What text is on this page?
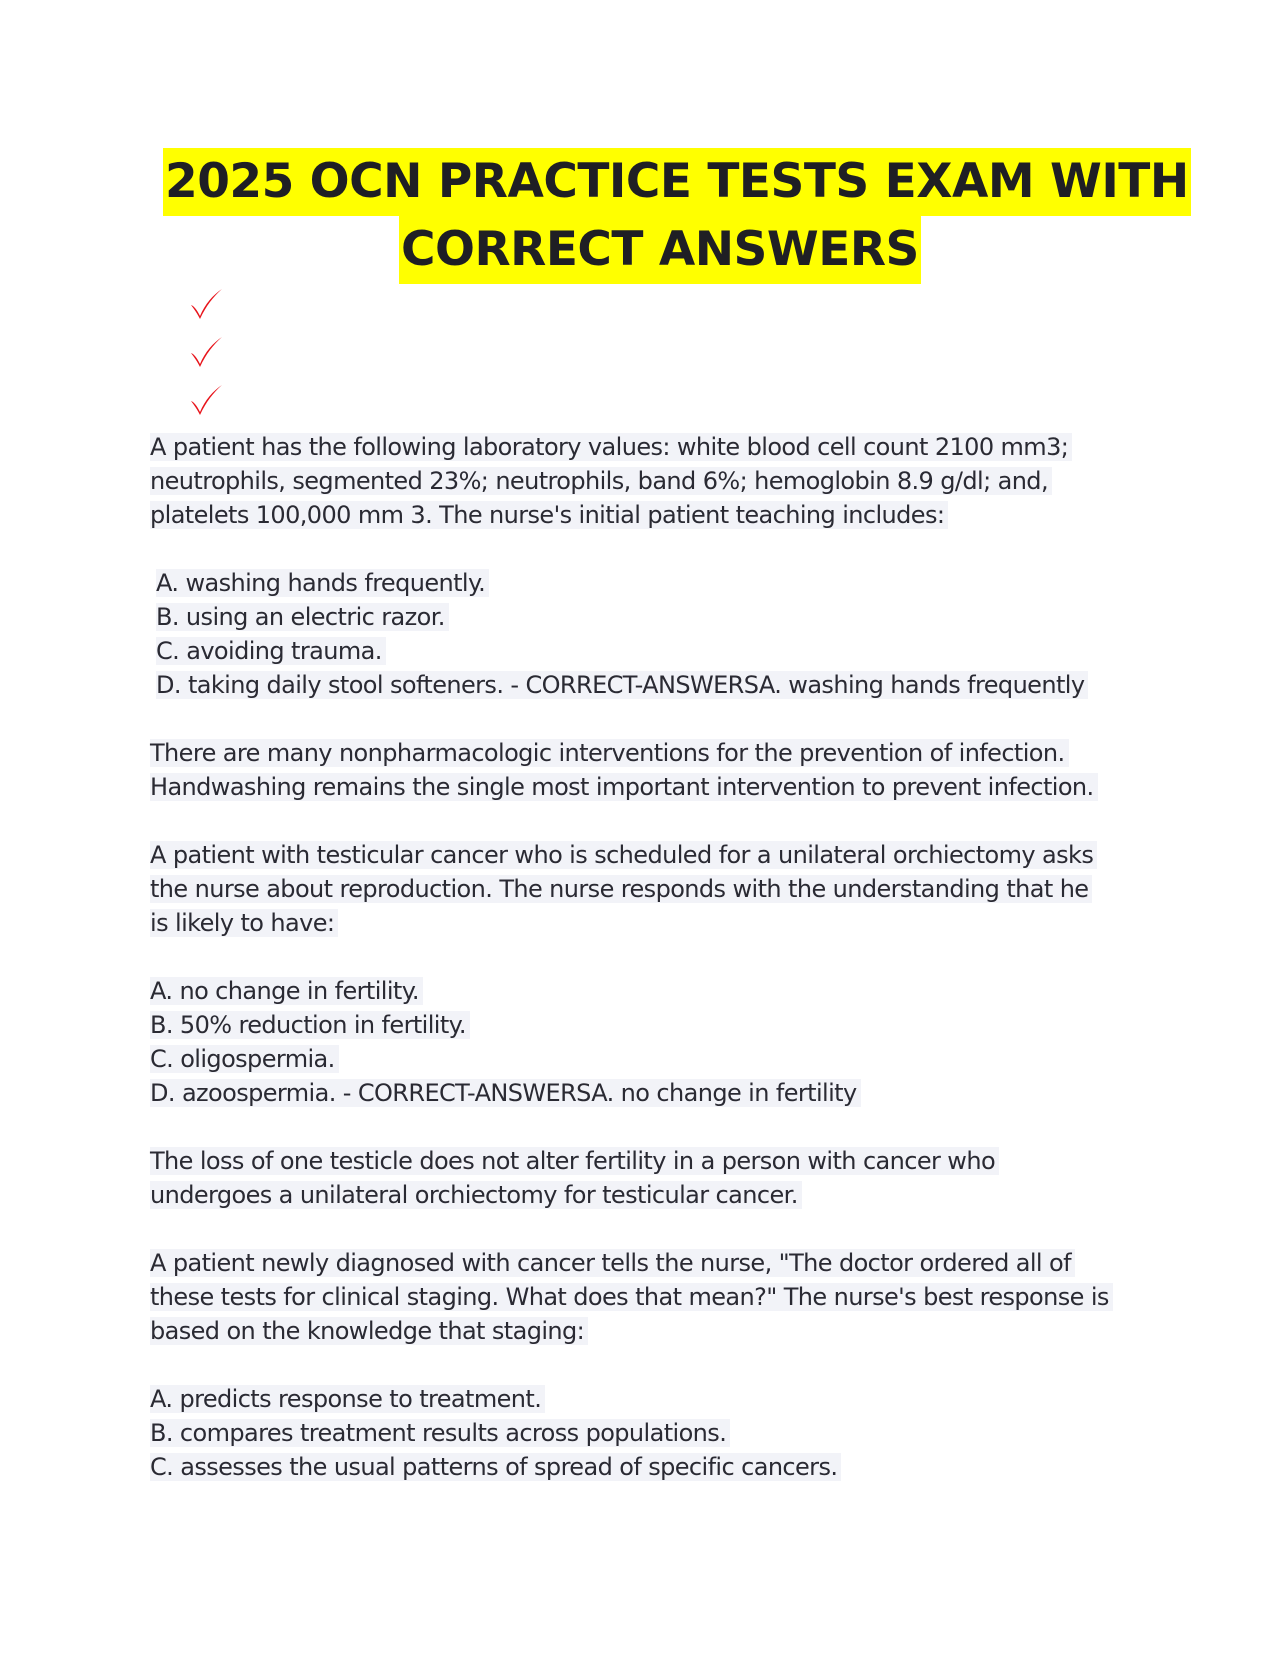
2025 OCN PRACTICE TESTS EXAM WITH
CORRECT ANSWERS
A patient has the following laboratory values: white blood cell count 2100 mm3;
neutrophils, segmented 23%; neutrophils, band 6%; hemoglobin 8.9 g/dl; and,
platelets 100,000 mm 3. The nurse's initial patient teaching includes:
A. washing hands frequently.
B. using an electric razor.
C. avoiding trauma.
D. taking daily stool softeners. - CORRECT-ANSWERSA. washing hands frequently
There are many nonpharmacologic interventions for the prevention of infection.
Handwashing remains the single most important intervention to prevent infection.
A patient with testicular cancer who is scheduled for a unilateral orchiectomy asks
the nurse about reproduction. The nurse responds with the understanding that he
is likely to have:
A. no change in fertility.
B. 50% reduction in fertility.
C. oligospermia.
D. azoospermia. - CORRECT-ANSWERSA. no change in fertility
The loss of one testicle does not alter fertility in a person with cancer who
undergoes a unilateral orchiectomy for testicular cancer.
A patient newly diagnosed with cancer tells the nurse, "The doctor ordered all of
these tests for clinical staging. What does that mean?" The nurse's best response is
based on the knowledge that staging:
A. predicts response to treatment.
B. compares treatment results across populations.
C. assesses the usual patterns of spread of specific cancers.
